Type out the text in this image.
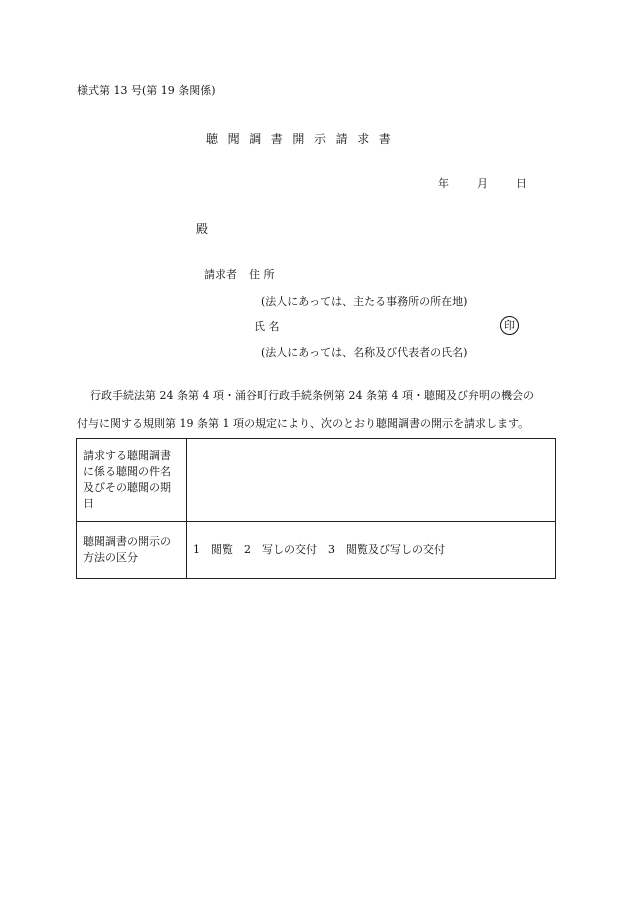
様式第 13 号(第 19 条関係)
聴聞調書開示請求書
年	月	日
殿
請求者 住 所
(法人にあっては、主たる事務所の所在地)
氏 名	印
(法人にあっては、名称及び代表者の氏名)
行政手続法第 24 条第 4 項・涌谷町行政手続条例第 24 条第 4 項・聴聞及び弁明の機会の
付与に関する規則第 19 条第 1 項の規定により、次のとおり聴聞調書の開示を請求します。
請求する聴聞調書
に係る聴聞の件名
及びその聴聞の期
日	

聴聞調書の開示の
方法の区分	1　閲覧　2　写しの交付　3　閲覧及び写しの交付
